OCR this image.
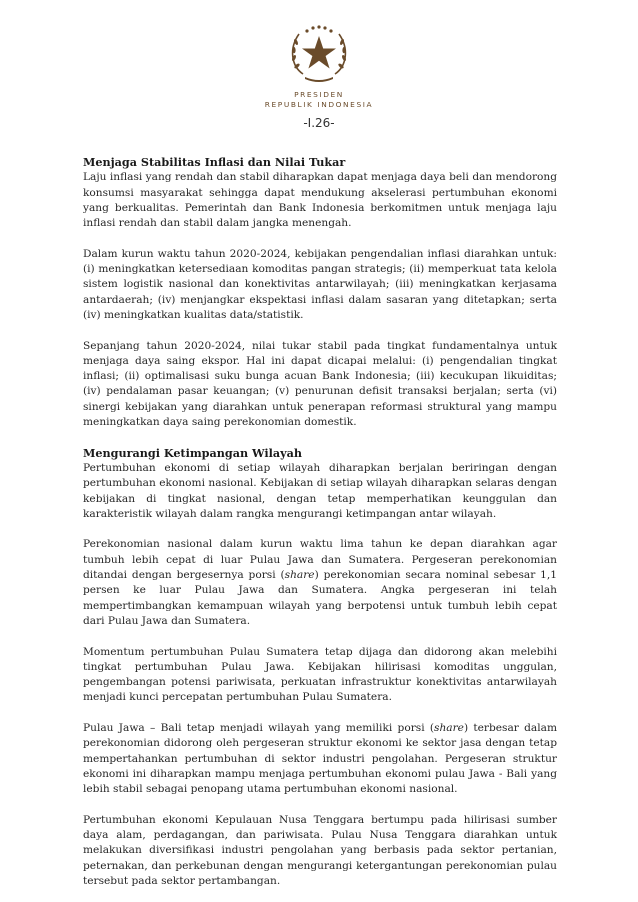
PRESIDEN
REPUBLIK INDONESIA
-I.26-
Menjaga Stabilitas Inflasi dan Nilai Tukar

Laju inflasi yang rendah dan stabil diharapkan dapat menjaga daya beli dan mendorong konsumsi masyarakat sehingga dapat mendukung akselerasi pertumbuhan ekonomi yang berkualitas. Pemerintah dan Bank Indonesia berkomitmen untuk menjaga laju inflasi rendah dan stabil dalam jangka menengah.

Dalam kurun waktu tahun 2020-2024, kebijakan pengendalian inflasi diarahkan untuk: (i) meningkatkan ketersediaan komoditas pangan strategis; (ii) memperkuat tata kelola sistem logistik nasional dan konektivitas antarwilayah; (iii) meningkatkan kerjasama antardaerah; (iv) menjangkar ekspektasi inflasi dalam sasaran yang ditetapkan; serta (iv) meningkatkan kualitas data/statistik.

Sepanjang tahun 2020-2024, nilai tukar stabil pada tingkat fundamentalnya untuk menjaga daya saing ekspor. Hal ini dapat dicapai melalui: (i) pengendalian tingkat inflasi; (ii) optimalisasi suku bunga acuan Bank Indonesia; (iii) kecukupan likuiditas; (iv) pendalaman pasar keuangan; (v) penurunan defisit transaksi berjalan; serta (vi) sinergi kebijakan yang diarahkan untuk penerapan reformasi struktural yang mampu meningkatkan daya saing perekonomian domestik.

Mengurangi Ketimpangan Wilayah

Pertumbuhan ekonomi di setiap wilayah diharapkan berjalan beriringan dengan pertumbuhan ekonomi nasional. Kebijakan di setiap wilayah diharapkan selaras dengan kebijakan di tingkat nasional, dengan tetap memperhatikan keunggulan dan karakteristik wilayah dalam rangka mengurangi ketimpangan antar wilayah.

Perekonomian nasional dalam kurun waktu lima tahun ke depan diarahkan agar tumbuh lebih cepat di luar Pulau Jawa dan Sumatera. Pergeseran perekonomian ditandai dengan bergesernya porsi (share) perekonomian secara nominal sebesar 1,1 persen ke luar Pulau Jawa dan Sumatera. Angka pergeseran ini telah mempertimbangkan kemampuan wilayah yang berpotensi untuk tumbuh lebih cepat dari Pulau Jawa dan Sumatera.

Momentum pertumbuhan Pulau Sumatera tetap dijaga dan didorong akan melebihi tingkat pertumbuhan Pulau Jawa. Kebijakan hilirisasi komoditas unggulan, pengembangan potensi pariwisata, perkuatan infrastruktur konektivitas antarwilayah menjadi kunci percepatan pertumbuhan Pulau Sumatera.

Pulau Jawa – Bali tetap menjadi wilayah yang memiliki porsi (share) terbesar dalam perekonomian didorong oleh pergeseran struktur ekonomi ke sektor jasa dengan tetap mempertahankan pertumbuhan di sektor industri pengolahan. Pergeseran struktur ekonomi ini diharapkan mampu menjaga pertumbuhan ekonomi pulau Jawa - Bali yang lebih stabil sebagai penopang utama pertumbuhan ekonomi nasional.

Pertumbuhan ekonomi Kepulauan Nusa Tenggara bertumpu pada hilirisasi sumber daya alam, perdagangan, dan pariwisata. Pulau Nusa Tenggara diarahkan untuk melakukan diversifikasi industri pengolahan yang berbasis pada sektor pertanian, peternakan, dan perkebunan dengan mengurangi ketergantungan perekonomian pulau tersebut pada sektor pertambangan.
